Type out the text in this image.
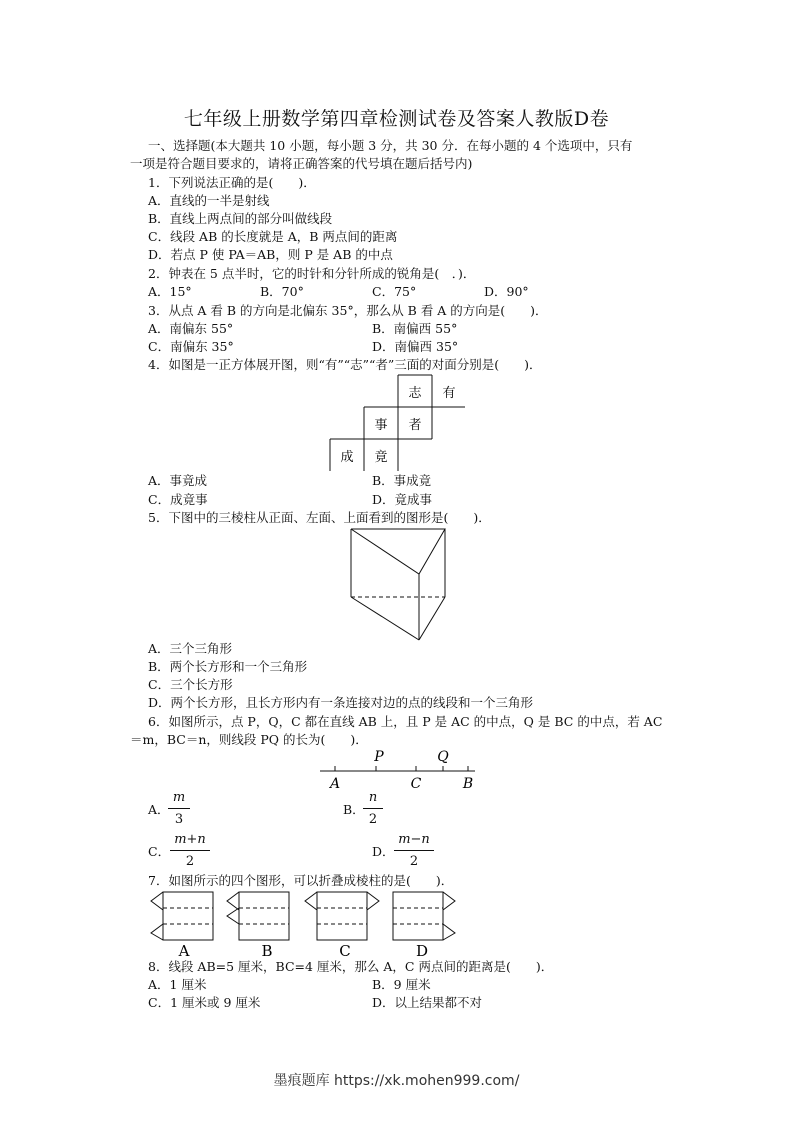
七年级上册数学第四章检测试卷及答案人教版D卷
一、选择题(本大题共 10 小题，每小题 3 分，共 30 分．在每小题的 4 个选项中，只有
一项是符合题目要求的，请将正确答案的代号填在题后括号内)
1．下列说法正确的是(　　)．
A．直线的一半是射线
B．直线上两点间的部分叫做线段
C．线段 AB 的长度就是 A，B 两点间的距离
D．若点 P 使 PA＝AB，则 P 是 AB 的中点
2．钟表在 5 点半时，它的时针和分针所成的锐角是(　．)．
A．15°	B．70°	C．75°	D．90°
3．从点 A 看 B 的方向是北偏东 35°，那么从 B 看 A 的方向是(　　)．
A．南偏东 55°	B．南偏西 55°
C．南偏东 35°	D．南偏西 35°
4．如图是一正方体展开图，则“有”“志”“者”三面的对面分别是(　　)．
志 有
事 者
成 竟
A．事竟成	B．事成竟
C．成竟事	D．竟成事
5．下图中的三棱柱从正面、左面、上面看到的图形是(　　)．
A．三个三角形
B．两个长方形和一个三角形
C．三个长方形
D．两个长方形，且长方形内有一条连接对边的点的线段和一个三角形
6．如图所示，点 P，Q，C 都在直线 AB 上，且 P 是 AC 的中点，Q 是 BC 的中点，若 AC
＝m，BC＝n，则线段 PQ 的长为(　　)．
P	Q
A	C	B
A．
m
3
B．
n
2
C．
m+n
2
D．
m−n
2
7．如图所示的四个图形，可以折叠成棱柱的是(　　)．
A	B	C	D
8．线段 AB=5 厘米，BC=4 厘米，那么 A，C 两点间的距离是(　　)．
A．1 厘米	B．9 厘米
C．1 厘米或 9 厘米	D．以上结果都不对
墨痕题库 https://xk.mohen999.com/
